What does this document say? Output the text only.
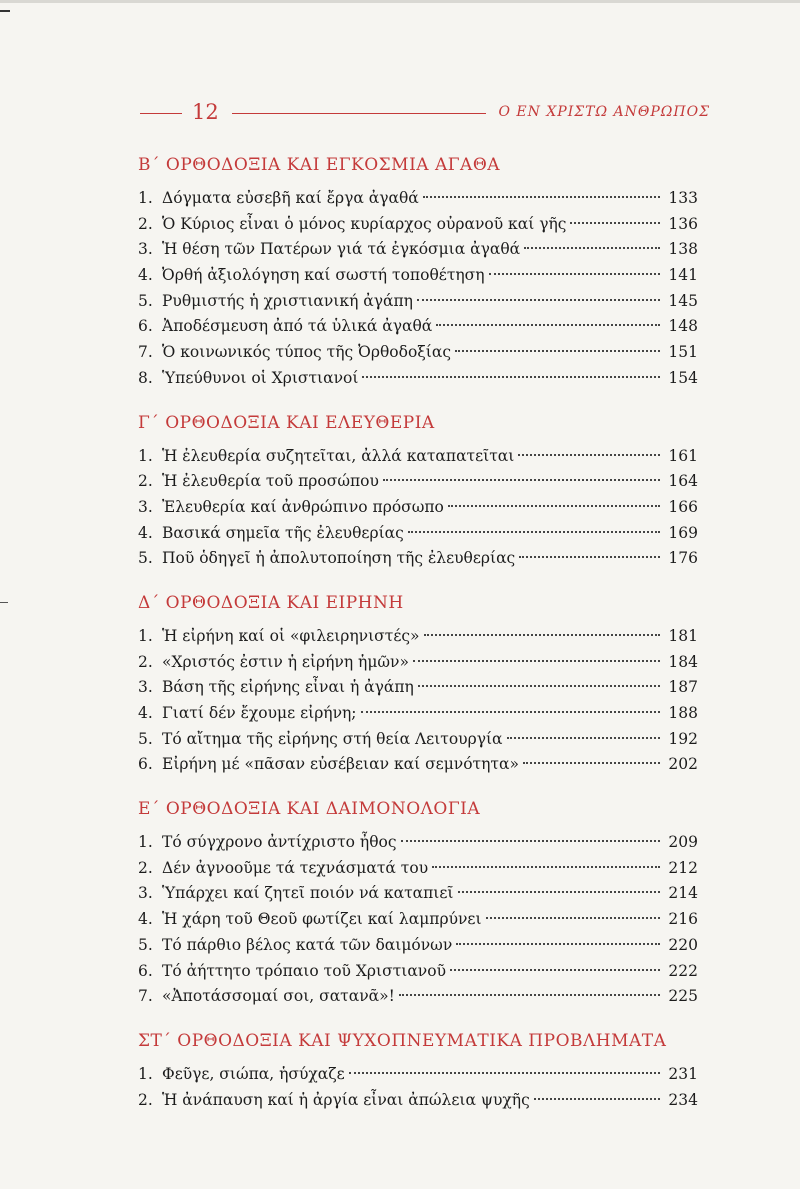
12	Ο ΕΝ ΧΡΙΣΤΩ ΑΝΘΡΩΠΟΣ
Β΄ ΟΡΘΟΔΟΞΙΑ ΚΑΙ ΕΓΚΟΣΜΙΑ ΑΓΑΘΑ
1. Δόγματα εὐσεβῆ καί ἔργα ἀγαθά	133
2. Ὁ Κύριος εἶναι ὁ μόνος κυρίαρχος οὐρανοῦ καί γῆς	136
3. Ἡ θέση τῶν Πατέρων γιά τά ἐγκόσμια ἀγαθά	138
4. Ὀρθή ἀξιολόγηση καί σωστή τοποθέτηση	141
5. Ρυθμιστής ἡ χριστιανική ἀγάπη	145
6. Ἀποδέσμευση ἀπό τά ὑλικά ἀγαθά	148
7. Ὁ κοινωνικός τύπος τῆς Ὀρθοδοξίας	151
8. Ὑπεύθυνοι οἱ Χριστιανοί	154
Γ΄ ΟΡΘΟΔΟΞΙΑ ΚΑΙ ΕΛΕΥΘΕΡΙΑ
1. Ἡ ἐλευθερία συζητεῖται, ἀλλά καταπατεῖται	161
2. Ἡ ἐλευθερία τοῦ προσώπου	164
3. Ἐλευθερία καί ἀνθρώπινο πρόσωπο	166
4. Βασικά σημεῖα τῆς ἐλευθερίας	169
5. Ποῦ ὁδηγεῖ ἡ ἀπολυτοποίηση τῆς ἐλευθερίας	176
Δ΄ ΟΡΘΟΔΟΞΙΑ ΚΑΙ ΕΙΡΗΝΗ
1. Ἡ εἰρήνη καί οἱ «φιλειρηνιστές»	181
2. «Χριστός ἐστιν ἡ εἰρήνη ἡμῶν»	184
3. Βάση τῆς εἰρήνης εἶναι ἡ ἀγάπη	187
4. Γιατί δέν ἔχουμε εἰρήνη;	188
5. Τό αἴτημα τῆς εἰρήνης στή θεία Λειτουργία	192
6. Εἰρήνη μέ «πᾶσαν εὐσέβειαν καί σεμνότητα»	202
Ε΄ ΟΡΘΟΔΟΞΙΑ ΚΑΙ ΔΑΙΜΟΝΟΛΟΓΙΑ
1. Τό σύγχρονο ἀντίχριστο ἦθος	209
2. Δέν ἀγνοοῦμε τά τεχνάσματά του	212
3. Ὑπάρχει καί ζητεῖ ποιόν νά καταπιεῖ	214
4. Ἡ χάρη τοῦ Θεοῦ φωτίζει καί λαμπρύνει	216
5. Τό πάρθιο βέλος κατά τῶν δαιμόνων	220
6. Τό ἀήττητο τρόπαιο τοῦ Χριστιανοῦ	222
7. «Ἀποτάσσομαί σοι, σατανᾶ»!	225
ΣΤ΄ ΟΡΘΟΔΟΞΙΑ ΚΑΙ ΨΥΧΟΠΝΕΥΜΑΤΙΚΑ ΠΡΟΒΛΗΜΑΤΑ
1. Φεῦγε, σιώπα, ἡσύχαζε	231
2. Ἡ ἀνάπαυση καί ἡ ἀργία εἶναι ἀπώλεια ψυχῆς	234
